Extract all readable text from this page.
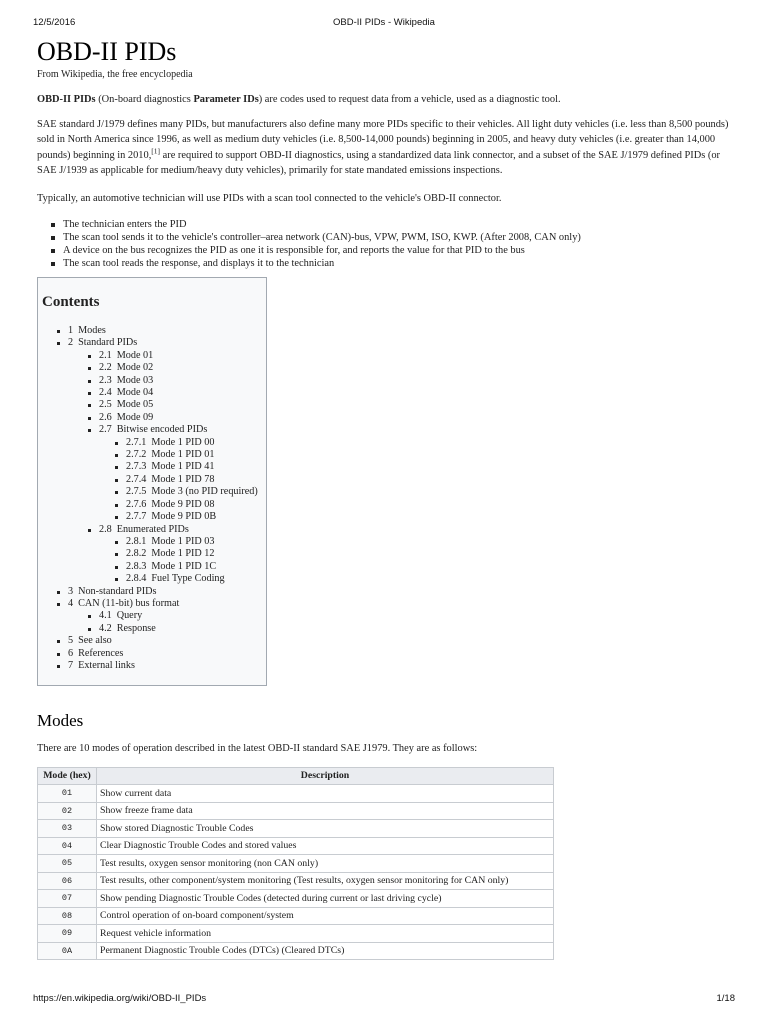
12/5/2016	OBD-II PIDs - Wikipedia
OBD-II PIDs
From Wikipedia, the free encyclopedia

OBD-II PIDs (On-board diagnostics Parameter IDs) are codes used to request data from a vehicle, used as a diagnostic tool.

SAE standard J/1979 defines many PIDs, but manufacturers also define many more PIDs specific to their vehicles. All light duty vehicles (i.e. less than 8,500 pounds) sold in North America since 1996, as well as medium duty vehicles (i.e. 8,500-14,000 pounds) beginning in 2005, and heavy duty vehicles (i.e. greater than 14,000 pounds) beginning in 2010,[1] are required to support OBD-II diagnostics, using a standardized data link connector, and a subset of the SAE J/1979 defined PIDs (or SAE J/1939 as applicable for medium/heavy duty vehicles), primarily for state mandated emissions inspections.

Typically, an automotive technician will use PIDs with a scan tool connected to the vehicle's OBD-II connector.

The technician enters the PID
The scan tool sends it to the vehicle's controller–area network (CAN)-bus, VPW, PWM, ISO, KWP. (After 2008, CAN only)
A device on the bus recognizes the PID as one it is responsible for, and reports the value for that PID to the bus
The scan tool reads the response, and displays it to the technician
Contents
1 Modes
2 Standard PIDs
2.1 Mode 01
2.2 Mode 02
2.3 Mode 03
2.4 Mode 04
2.5 Mode 05
2.6 Mode 09
2.7 Bitwise encoded PIDs
2.7.1 Mode 1 PID 00
2.7.2 Mode 1 PID 01
2.7.3 Mode 1 PID 41
2.7.4 Mode 1 PID 78
2.7.5 Mode 3 (no PID required)
2.7.6 Mode 9 PID 08
2.7.7 Mode 9 PID 0B
2.8 Enumerated PIDs
2.8.1 Mode 1 PID 03
2.8.2 Mode 1 PID 12
2.8.3 Mode 1 PID 1C
2.8.4 Fuel Type Coding
3 Non-standard PIDs
4 CAN (11-bit) bus format
4.1 Query
4.2 Response
5 See also
6 References
7 External links
Modes

There are 10 modes of operation described in the latest OBD-II standard SAE J1979. They are as follows:

Mode (hex)	Description
01	Show current data
02	Show freeze frame data
03	Show stored Diagnostic Trouble Codes
04	Clear Diagnostic Trouble Codes and stored values
05	Test results, oxygen sensor monitoring (non CAN only)
06	Test results, other component/system monitoring (Test results, oxygen sensor monitoring for CAN only)
07	Show pending Diagnostic Trouble Codes (detected during current or last driving cycle)
08	Control operation of on-board component/system
09	Request vehicle information
0A	Permanent Diagnostic Trouble Codes (DTCs) (Cleared DTCs)
https://en.wikipedia.org/wiki/OBD-II_PIDs	1/18
